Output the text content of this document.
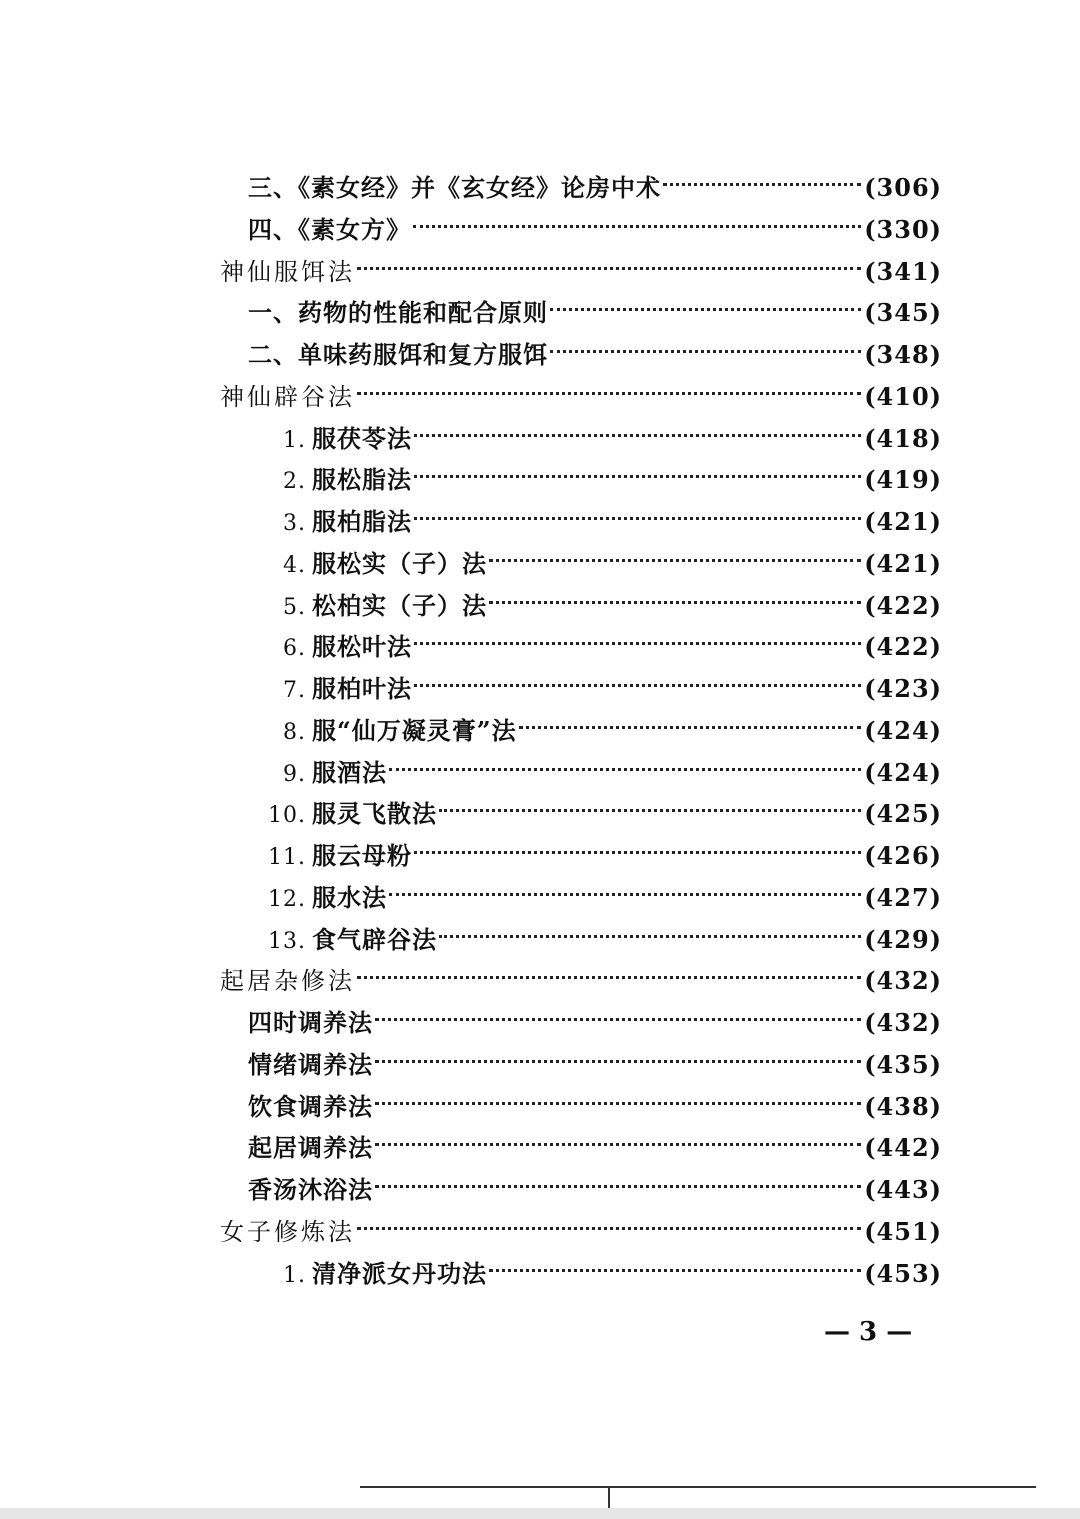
三、《素女经》并《玄女经》论房中术	(306)
四、《素女方》	(330)
神仙服饵法	(341)
一、药物的性能和配合原则	(345)
二、单味药服饵和复方服饵	(348)
神仙辟谷法	(410)
1. 服茯苓法	(418)
2. 服松脂法	(419)
3. 服柏脂法	(421)
4. 服松实（子）法	(421)
5. 松柏实（子）法	(422)
6. 服松叶法	(422)
7. 服柏叶法	(423)
8. 服“仙万凝灵膏”法	(424)
9. 服酒法	(424)
10. 服灵飞散法	(425)
11. 服云母粉	(426)
12. 服水法	(427)
13. 食气辟谷法	(429)
起居杂修法	(432)
四时调养法	(432)
情绪调养法	(435)
饮食调养法	(438)
起居调养法	(442)
香汤沐浴法	(443)
女子修炼法	(451)
1. 清净派女丹功法	(453)
— 3 —
